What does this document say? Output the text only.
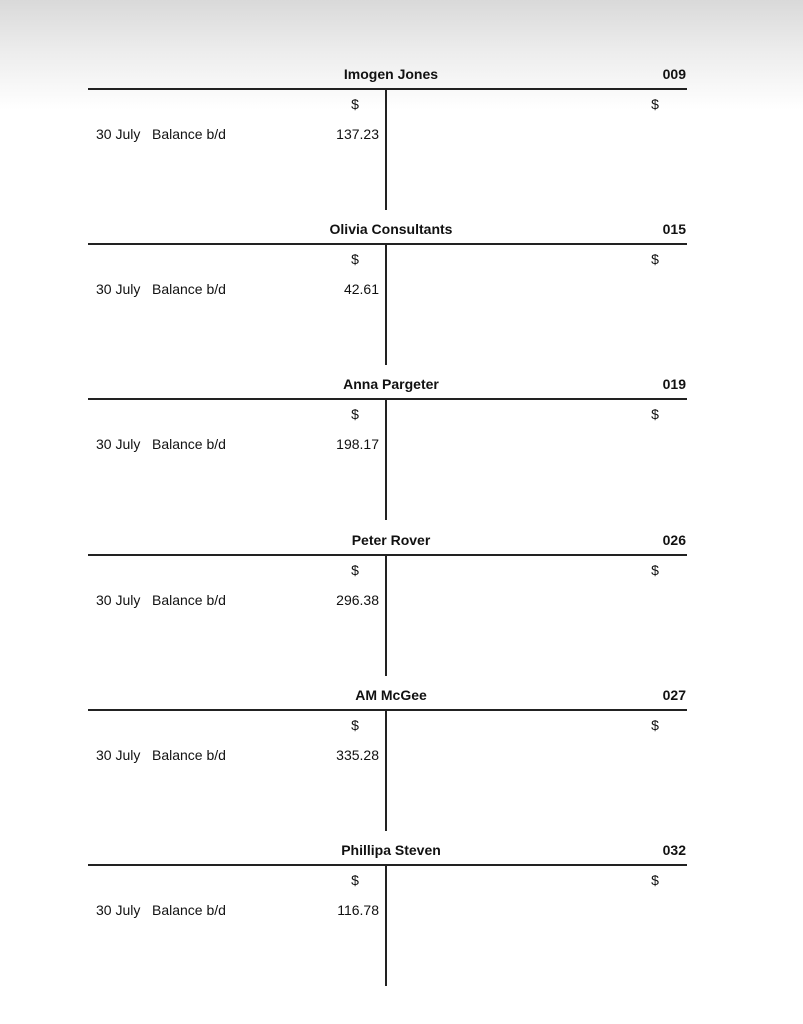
Imogen Jones	009
$	$
30 July Balance b/d	137.23
Olivia Consultants	015
$	$
30 July Balance b/d	42.61
Anna Pargeter	019
$	$
30 July Balance b/d	198.17
Peter Rover	026
$	$
30 July Balance b/d	296.38
AM McGee	027
$	$
30 July Balance b/d	335.28
Phillipa Steven	032
$	$
30 July Balance b/d	116.78
